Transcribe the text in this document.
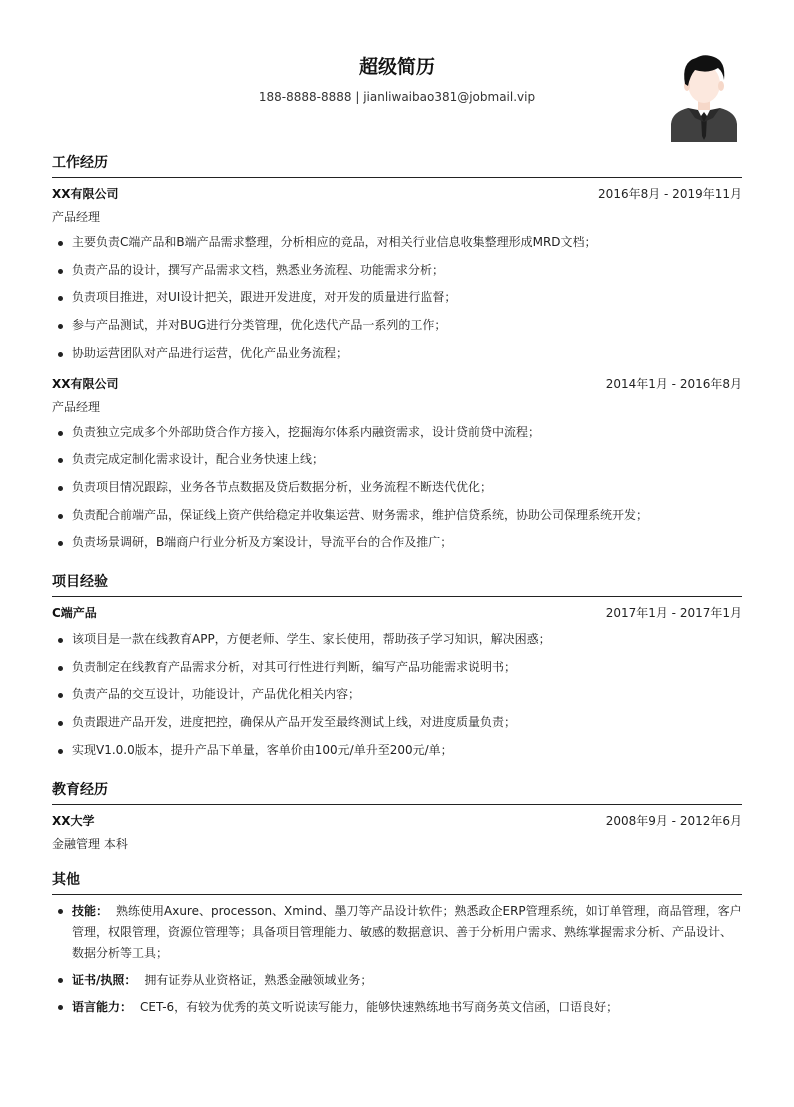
超级简历
188-8888-8888 | jianliwaibao381@jobmail.vip
工作经历
XX有限公司	2016年8月 - 2019年11月
产品经理
主要负责C端产品和B端产品需求整理，分析相应的竞品，对相关行业信息收集整理形成MRD文档；
负责产品的设计，撰写产品需求文档，熟悉业务流程、功能需求分析；
负责项目推进，对UI设计把关，跟进开发进度，对开发的质量进行监督；
参与产品测试，并对BUG进行分类管理，优化迭代产品一系列的工作；
协助运营团队对产品进行运营，优化产品业务流程；
XX有限公司	2014年1月 - 2016年8月
产品经理
负责独立完成多个外部助贷合作方接入，挖掘海尔体系内融资需求，设计贷前贷中流程；
负责完成定制化需求设计，配合业务快速上线；
负责项目情况跟踪，业务各节点数据及贷后数据分析，业务流程不断迭代优化；
负责配合前端产品，保证线上资产供给稳定并收集运营、财务需求，维护信贷系统，协助公司保理系统开发；
负责场景调研，B端商户行业分析及方案设计，导流平台的合作及推广；
项目经验
C端产品	2017年1月 - 2017年1月
该项目是一款在线教育APP，方便老师、学生、家长使用，帮助孩子学习知识，解决困惑；
负责制定在线教育产品需求分析，对其可行性进行判断，编写产品功能需求说明书；
负责产品的交互设计，功能设计，产品优化相关内容；
负责跟进产品开发，进度把控，确保从产品开发至最终测试上线，对进度质量负责；
实现V1.0.0版本，提升产品下单量，客单价由100元/单升至200元/单；
教育经历
XX大学	2008年9月 - 2012年6月
金融管理 本科
其他
技能： 熟练使用Axure、processon、Xmind、墨刀等产品设计软件；熟悉政企ERP管理系统，如订单管理，商品管理，客户管理，权限管理，资源位管理等；具备项目管理能力、敏感的数据意识、善于分析用户需求、熟练掌握需求分析、产品设计、数据分析等工具；
证书/执照： 拥有证券从业资格证，熟悉金融领域业务；
语言能力： CET-6，有较为优秀的英文听说读写能力，能够快速熟练地书写商务英文信函，口语良好；
